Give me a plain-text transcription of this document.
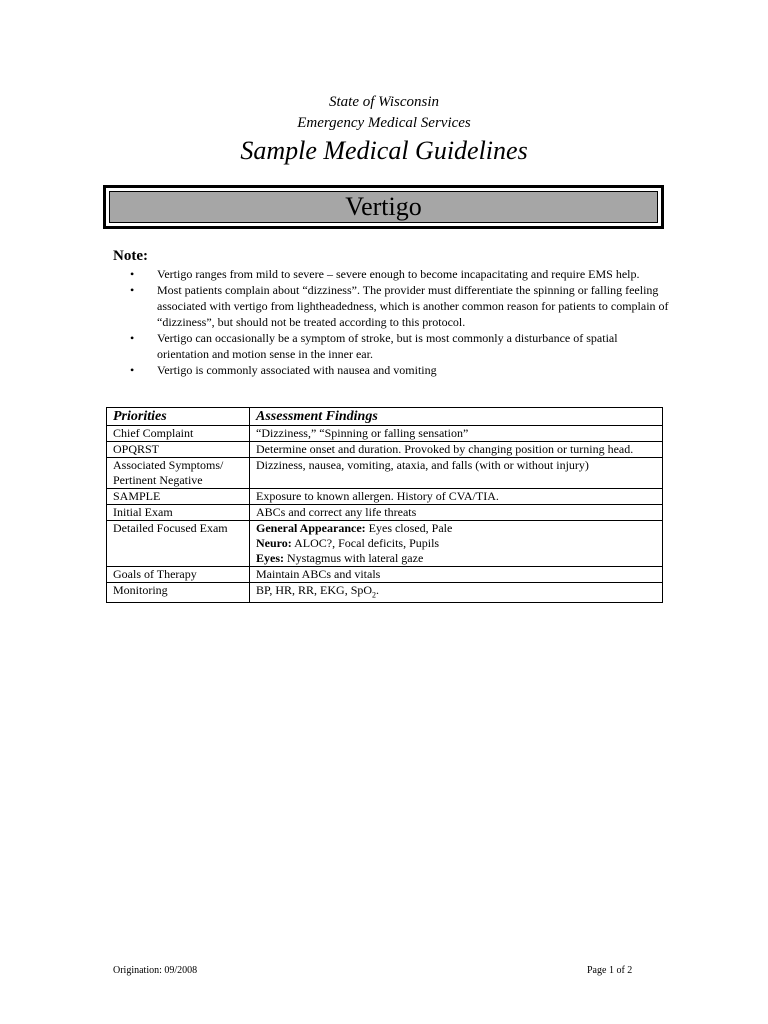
State of Wisconsin
Emergency Medical Services
Sample Medical Guidelines
Vertigo
Note:
• Vertigo ranges from mild to severe – severe enough to become incapacitating and require EMS help.
• Most patients complain about “dizziness”. The provider must differentiate the spinning or falling feeling associated with vertigo from lightheadedness, which is another common reason for patients to complain of “dizziness”, but should not be treated according to this protocol.
• Vertigo can occasionally be a symptom of stroke, but is most commonly a disturbance of spatial orientation and motion sense in the inner ear.
• Vertigo is commonly associated with nausea and vomiting
Priorities	Assessment Findings
Chief Complaint	“Dizziness,” “Spinning or falling sensation”
OPQRST	Determine onset and duration. Provoked by changing position or turning head.
Associated Symptoms/ Pertinent Negative	Dizziness, nausea, vomiting, ataxia, and falls (with or without injury)
SAMPLE	Exposure to known allergen. History of CVA/TIA.
Initial Exam	ABCs and correct any life threats
Detailed Focused Exam	General Appearance: Eyes closed, Pale
Neuro: ALOC?, Focal deficits, Pupils
Eyes: Nystagmus with lateral gaze

Goals of Therapy	Maintain ABCs and vitals
Monitoring	BP, HR, RR, EKG, SpO$_2$.
Origination: 09/2008	Page 1 of 2
